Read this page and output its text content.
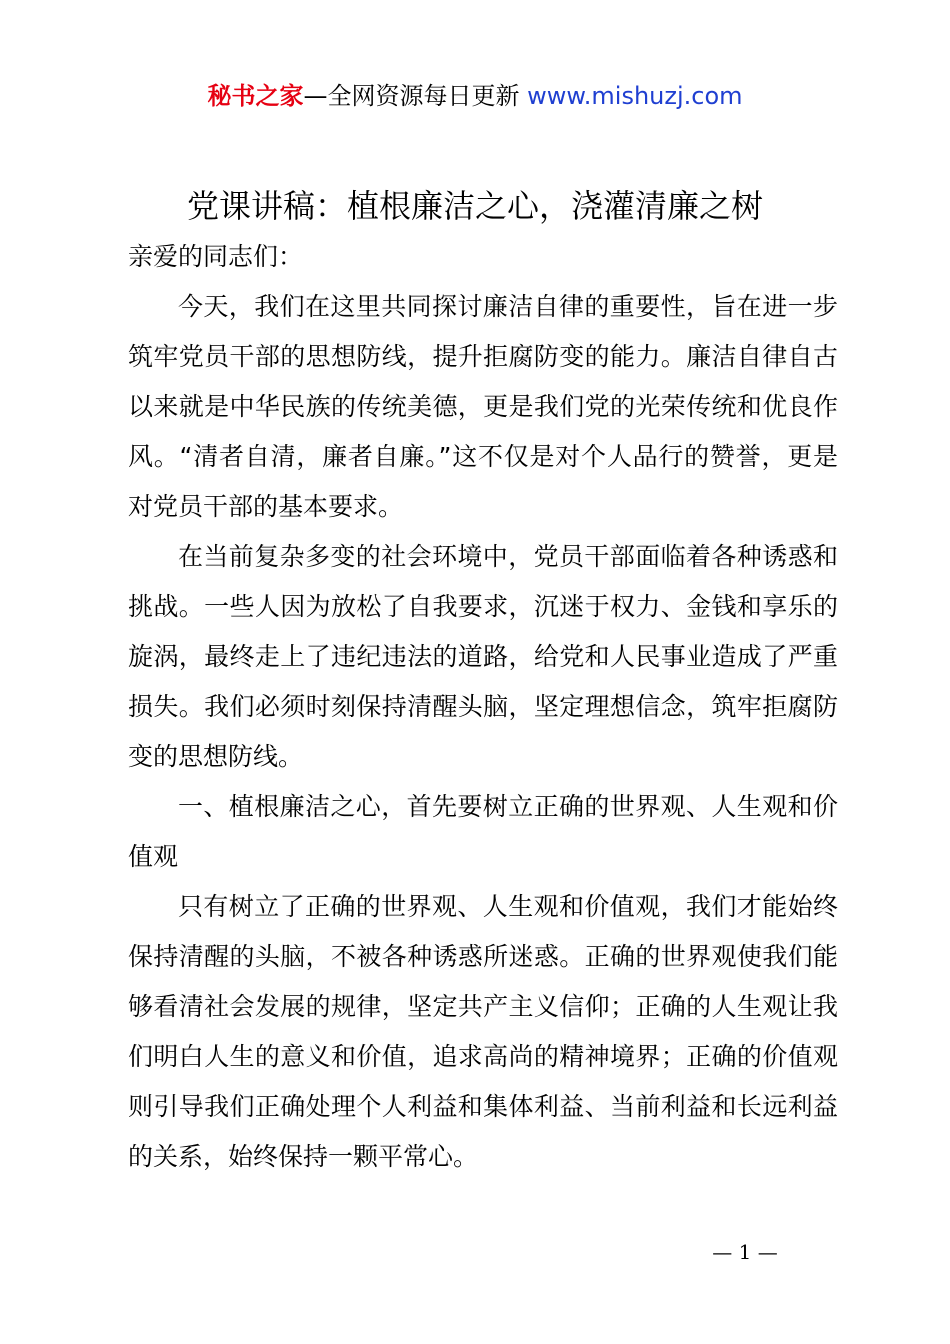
秘书之家—全网资源每日更新 www.mishuzj.com
党课讲稿：植根廉洁之心，浇灌清廉之树

亲爱的同志们：

今天，我们在这里共同探讨廉洁自律的重要性，旨在进一步筑牢党员干部的思想防线，提升拒腐防变的能力。廉洁自律自古以来就是中华民族的传统美德，更是我们党的光荣传统和优良作风。“清者自清，廉者自廉。”这不仅是对个人品行的赞誉，更是对党员干部的基本要求。

在当前复杂多变的社会环境中，党员干部面临着各种诱惑和挑战。一些人因为放松了自我要求，沉迷于权力、金钱和享乐的旋涡，最终走上了违纪违法的道路，给党和人民事业造成了严重损失。我们必须时刻保持清醒头脑，坚定理想信念，筑牢拒腐防变的思想防线。

一、植根廉洁之心，首先要树立正确的世界观、人生观和价值观

只有树立了正确的世界观、人生观和价值观，我们才能始终保持清醒的头脑，不被各种诱惑所迷惑。正确的世界观使我们能够看清社会发展的规律，坚定共产主义信仰；正确的人生观让我们明白人生的意义和价值，追求高尚的精神境界；正确的价值观则引导我们正确处理个人利益和集体利益、当前利益和长远利益的关系，始终保持一颗平常心。

— 1 —
